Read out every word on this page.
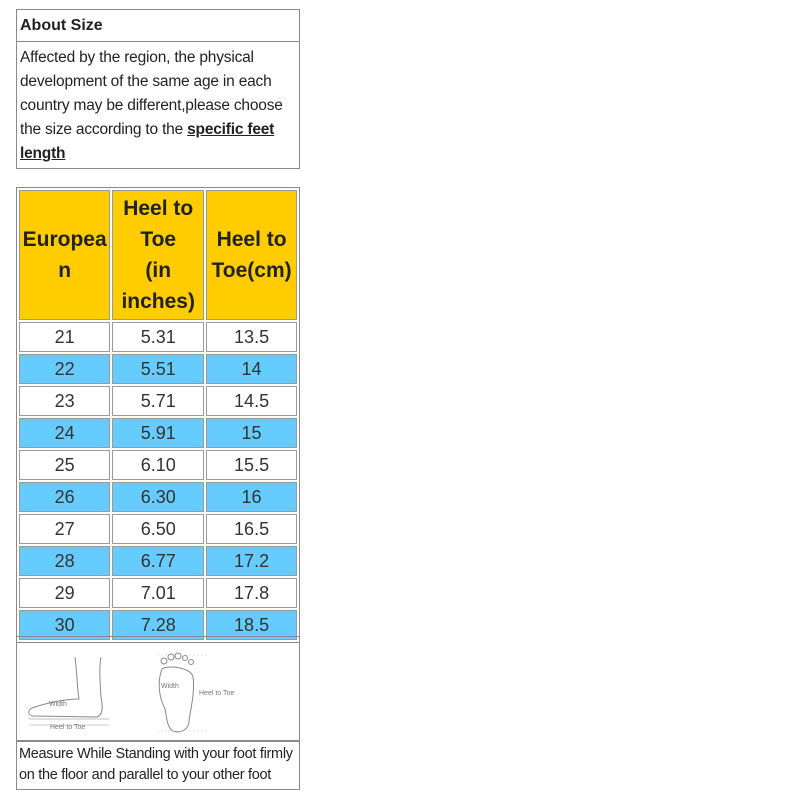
About Size
Affected by the region, the physical development of the same age in each country may be different,please choose the size according to the specific feet length
Europea
n	Heel to
Toe
(in
inches)	Heel to
Toe(cm)
21	5.31	13.5
22	5.51	14
23	5.71	14.5
24	5.91	15
25	6.10	15.5
26	6.30	16
27	6.50	16.5
28	6.77	17.2
29	7.01	17.8
30	7.28	18.5
Width
Heel to Toe
Width
Heel to Toe
Measure While Standing with your foot firmly on the floor and parallel to your other foot
